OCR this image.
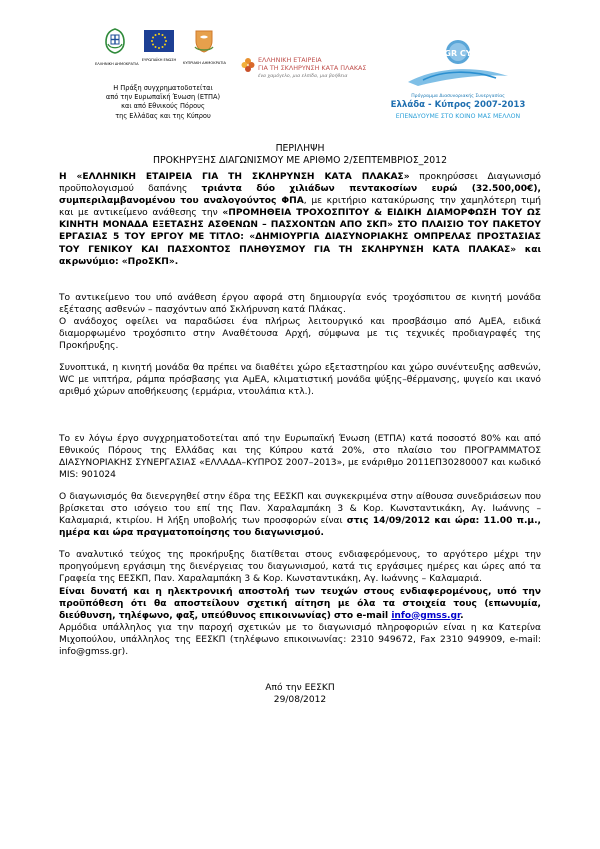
ΕΛΛΗΝΙΚΗ ΔΗΜΟΚΡΑΤΙΑ
ΕΥΡΩΠΑΪΚΗ ΕΝΩΣΗ
ΚΥΠΡΙΑΚΗ ΔΗΜΟΚΡΑΤΙΑ
Η Πράξη συγχρηματοδοτείται
από την Ευρωπαϊκή Ένωση (ΕΤΠΑ)
και από Εθνικούς Πόρους
της Ελλάδας και της Κύπρου
ΕΛΛΗΝΙΚΗ ΕΤΑΙΡΕΙΑ
ΓΙΑ ΤΗ ΣΚΛΗΡΥΝΣΗ ΚΑΤΑ ΠΛΑΚΑΣ
ένα χαμόγελο, μια ελπίδα, μια βοήθεια
GR CY
Πρόγραμμα Διασυνοριακής Συνεργασίας
Ελλάδα - Κύπρος 2007-2013
ΕΠΕΝΔΥΟΥΜΕ ΣΤΟ ΚΟΙΝΟ ΜΑΣ ΜΕΛΛΟΝ
ΠΕΡΙΛΗΨΗ
ΠΡΟΚΗΡΥΞΗΣ ΔΙΑΓΩΝΙΣΜΟΥ ΜΕ ΑΡΙΘΜΟ 2/ΣΕΠΤΕΜΒΡΙΟΣ_2012

Η «ΕΛΛΗΝΙΚΗ ΕΤΑΙΡΕΙΑ ΓΙΑ ΤΗ ΣΚΛΗΡΥΝΣΗ ΚΑΤΑ ΠΛΑΚΑΣ» προκηρύσσει Διαγωνισμό προϋπολογισμού δαπάνης τριάντα δύο χιλιάδων πεντακοσίων ευρώ (32.500,00€), συμπεριλαμβανομένου του αναλογούντος ΦΠΑ, με κριτήριο κατακύρωσης την χαμηλότερη τιμή και με αντικείμενο ανάθεσης την «ΠΡΟΜΗΘΕΙΑ ΤΡΟΧΟΣΠΙΤΟΥ & ΕΙΔΙΚΗ ΔΙΑΜΟΡΦΩΣΗ ΤΟΥ ΩΣ ΚΙΝΗΤΗ ΜΟΝΑΔΑ ΕΞΕΤΑΣΗΣ ΑΣΘΕΝΩΝ – ΠΑΣΧΟΝΤΩΝ ΑΠΟ ΣΚΠ» ΣΤΟ ΠΛΑΙΣΙΟ ΤΟΥ ΠΑΚΕΤΟΥ ΕΡΓΑΣΙΑΣ 5 ΤΟΥ ΕΡΓΟΥ ΜΕ ΤΙΤΛΟ: «ΔΗΜΙΟΥΡΓΙΑ ΔΙΑΣΥΝΟΡΙΑΚΗΣ ΟΜΠΡΕΛΑΣ ΠΡΟΣΤΑΣΙΑΣ ΤΟΥ ΓΕΝΙΚΟΥ ΚΑΙ ΠΑΣΧΟΝΤΟΣ ΠΛΗΘΥΣΜΟΥ ΓΙΑ ΤΗ ΣΚΛΗΡΥΝΣΗ ΚΑΤΑ ΠΛΑΚΑΣ» και ακρωνύμιο: «ΠροΣΚΠ».

Το αντικείμενο του υπό ανάθεση έργου αφορά στη δημιουργία ενός τροχόσπιτου σε κινητή μονάδα εξέτασης ασθενών – πασχόντων από Σκλήρυνση κατά Πλάκας.

Ο ανάδοχος οφείλει να παραδώσει ένα πλήρως λειτουργικό και προσβάσιμο από ΑμΕΑ, ειδικά διαμορφωμένο τροχόσπιτο στην Αναθέτουσα Αρχή, σύμφωνα με τις τεχνικές προδιαγραφές της Προκήρυξης.

Συνοπτικά, η κινητή μονάδα θα πρέπει να διαθέτει χώρο εξεταστηρίου και χώρο συνέντευξης ασθενών, WC με νιπτήρα, ράμπα πρόσβασης για ΑμΕΑ, κλιματιστική μονάδα ψύξης–θέρμανσης, ψυγείο και ικανό αριθμό χώρων αποθήκευσης (ερμάρια, ντουλάπια κτλ.).

Το εν λόγω έργο συγχρηματοδοτείται από την Ευρωπαϊκή Ένωση (ΕΤΠΑ) κατά ποσοστό 80% και από Εθνικούς Πόρους της Ελλάδας και της Κύπρου κατά 20%, στο πλαίσιο του ΠΡΟΓΡΑΜΜΑΤΟΣ ΔΙΑΣΥΝΟΡΙΑΚΗΣ ΣΥΝΕΡΓΑΣΙΑΣ «ΕΛΛΑΔΑ–ΚΥΠΡΟΣ 2007–2013», με ενάριθμο 2011ΕΠ30280007 και κωδικό MIS: 901024

Ο διαγωνισμός θα διενεργηθεί στην έδρα της ΕΕΣΚΠ και συγκεκριμένα στην αίθουσα συνεδριάσεων που βρίσκεται στο ισόγειο του επί της Παν. Χαραλαμπάκη 3 & Κορ. Κωνσταντικάκη, Αγ. Ιωάννης – Καλαμαριά, κτιρίου. Η λήξη υποβολής των προσφορών είναι στις 14/09/2012 και ώρα: 11.00 π.μ., ημέρα και ώρα πραγματοποίησης του διαγωνισμού.

Το αναλυτικό τεύχος της προκήρυξης διατίθεται στους ενδιαφερόμενους, το αργότερο μέχρι την προηγούμενη εργάσιμη της διενέργειας του διαγωνισμού, κατά τις εργάσιμες ημέρες και ώρες από τα Γραφεία της ΕΕΣΚΠ, Παν. Χαραλαμπάκη 3 & Κορ. Κωνσταντικάκη, Αγ. Ιωάννης – Καλαμαριά.
Είναι δυνατή και η ηλεκτρονική αποστολή των τευχών στους ενδιαφερομένους, υπό την προϋπόθεση ότι θα αποστείλουν σχετική αίτηση με όλα τα στοιχεία τους (επωνυμία, διεύθυνση, τηλέφωνο, φαξ, υπεύθυνος επικοινωνίας) στο e-mail info@gmss.gr.
Αρμόδια υπάλληλος για την παροχή σχετικών με το διαγωνισμό πληροφοριών είναι η κα Κατερίνα Μιχοπούλου, υπάλληλος της ΕΕΣΚΠ (τηλέφωνο επικοινωνίας: 2310 949672, Fax 2310 949909, e-mail: info@gmss.gr).

Από την ΕΕΣΚΠ
29/08/2012
